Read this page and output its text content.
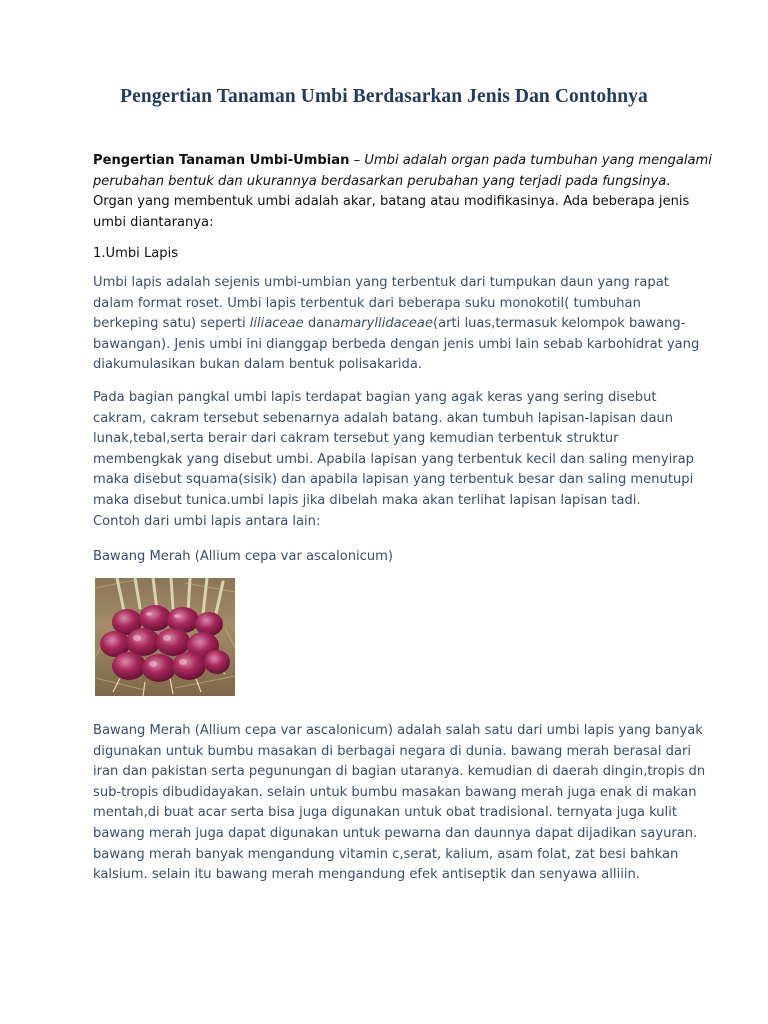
Pengertian Tanaman Umbi Berdasarkan Jenis Dan Contohnya
Pengertian Tanaman Umbi-Umbian – Umbi adalah organ pada tumbuhan yang mengalami
perubahan bentuk dan ukurannya berdasarkan perubahan yang terjadi pada fungsinya.
Organ yang membentuk umbi adalah akar, batang atau modifikasinya. Ada beberapa jenis
umbi diantaranya:
1.Umbi Lapis
Umbi lapis adalah sejenis umbi-umbian yang terbentuk dari tumpukan daun yang rapat
dalam format roset. Umbi lapis terbentuk dari beberapa suku monokotil( tumbuhan
berkeping satu) seperti liliaceae danamaryllidaceae(arti luas,termasuk kelompok bawang-
bawangan). Jenis umbi ini dianggap berbeda dengan jenis umbi lain sebab karbohidrat yang
diakumulasikan bukan dalam bentuk polisakarida.
Pada bagian pangkal umbi lapis terdapat bagian yang agak keras yang sering disebut
cakram, cakram tersebut sebenarnya adalah batang. akan tumbuh lapisan-lapisan daun
lunak,tebal,serta berair dari cakram tersebut yang kemudian terbentuk struktur
membengkak yang disebut umbi. Apabila lapisan yang terbentuk kecil dan saling menyirap
maka disebut squama(sisik) dan apabila lapisan yang terbentuk besar dan saling menutupi
maka disebut tunica.umbi lapis jika dibelah maka akan terlihat lapisan lapisan tadi.
Contoh dari umbi lapis antara lain:
Bawang Merah (Allium cepa var ascalonicum)
Bawang Merah (Allium cepa var ascalonicum) adalah salah satu dari umbi lapis yang banyak
digunakan untuk bumbu masakan di berbagai negara di dunia. bawang merah berasal dari
iran dan pakistan serta pegunungan di bagian utaranya. kemudian di daerah dingin,tropis dn
sub-tropis dibudidayakan. selain untuk bumbu masakan bawang merah juga enak di makan
mentah,di buat acar serta bisa juga digunakan untuk obat tradisional. ternyata juga kulit
bawang merah juga dapat digunakan untuk pewarna dan daunnya dapat dijadikan sayuran.
bawang merah banyak mengandung vitamin c,serat, kalium, asam folat, zat besi bahkan
kalsium. selain itu bawang merah mengandung efek antiseptik dan senyawa alliiin.
